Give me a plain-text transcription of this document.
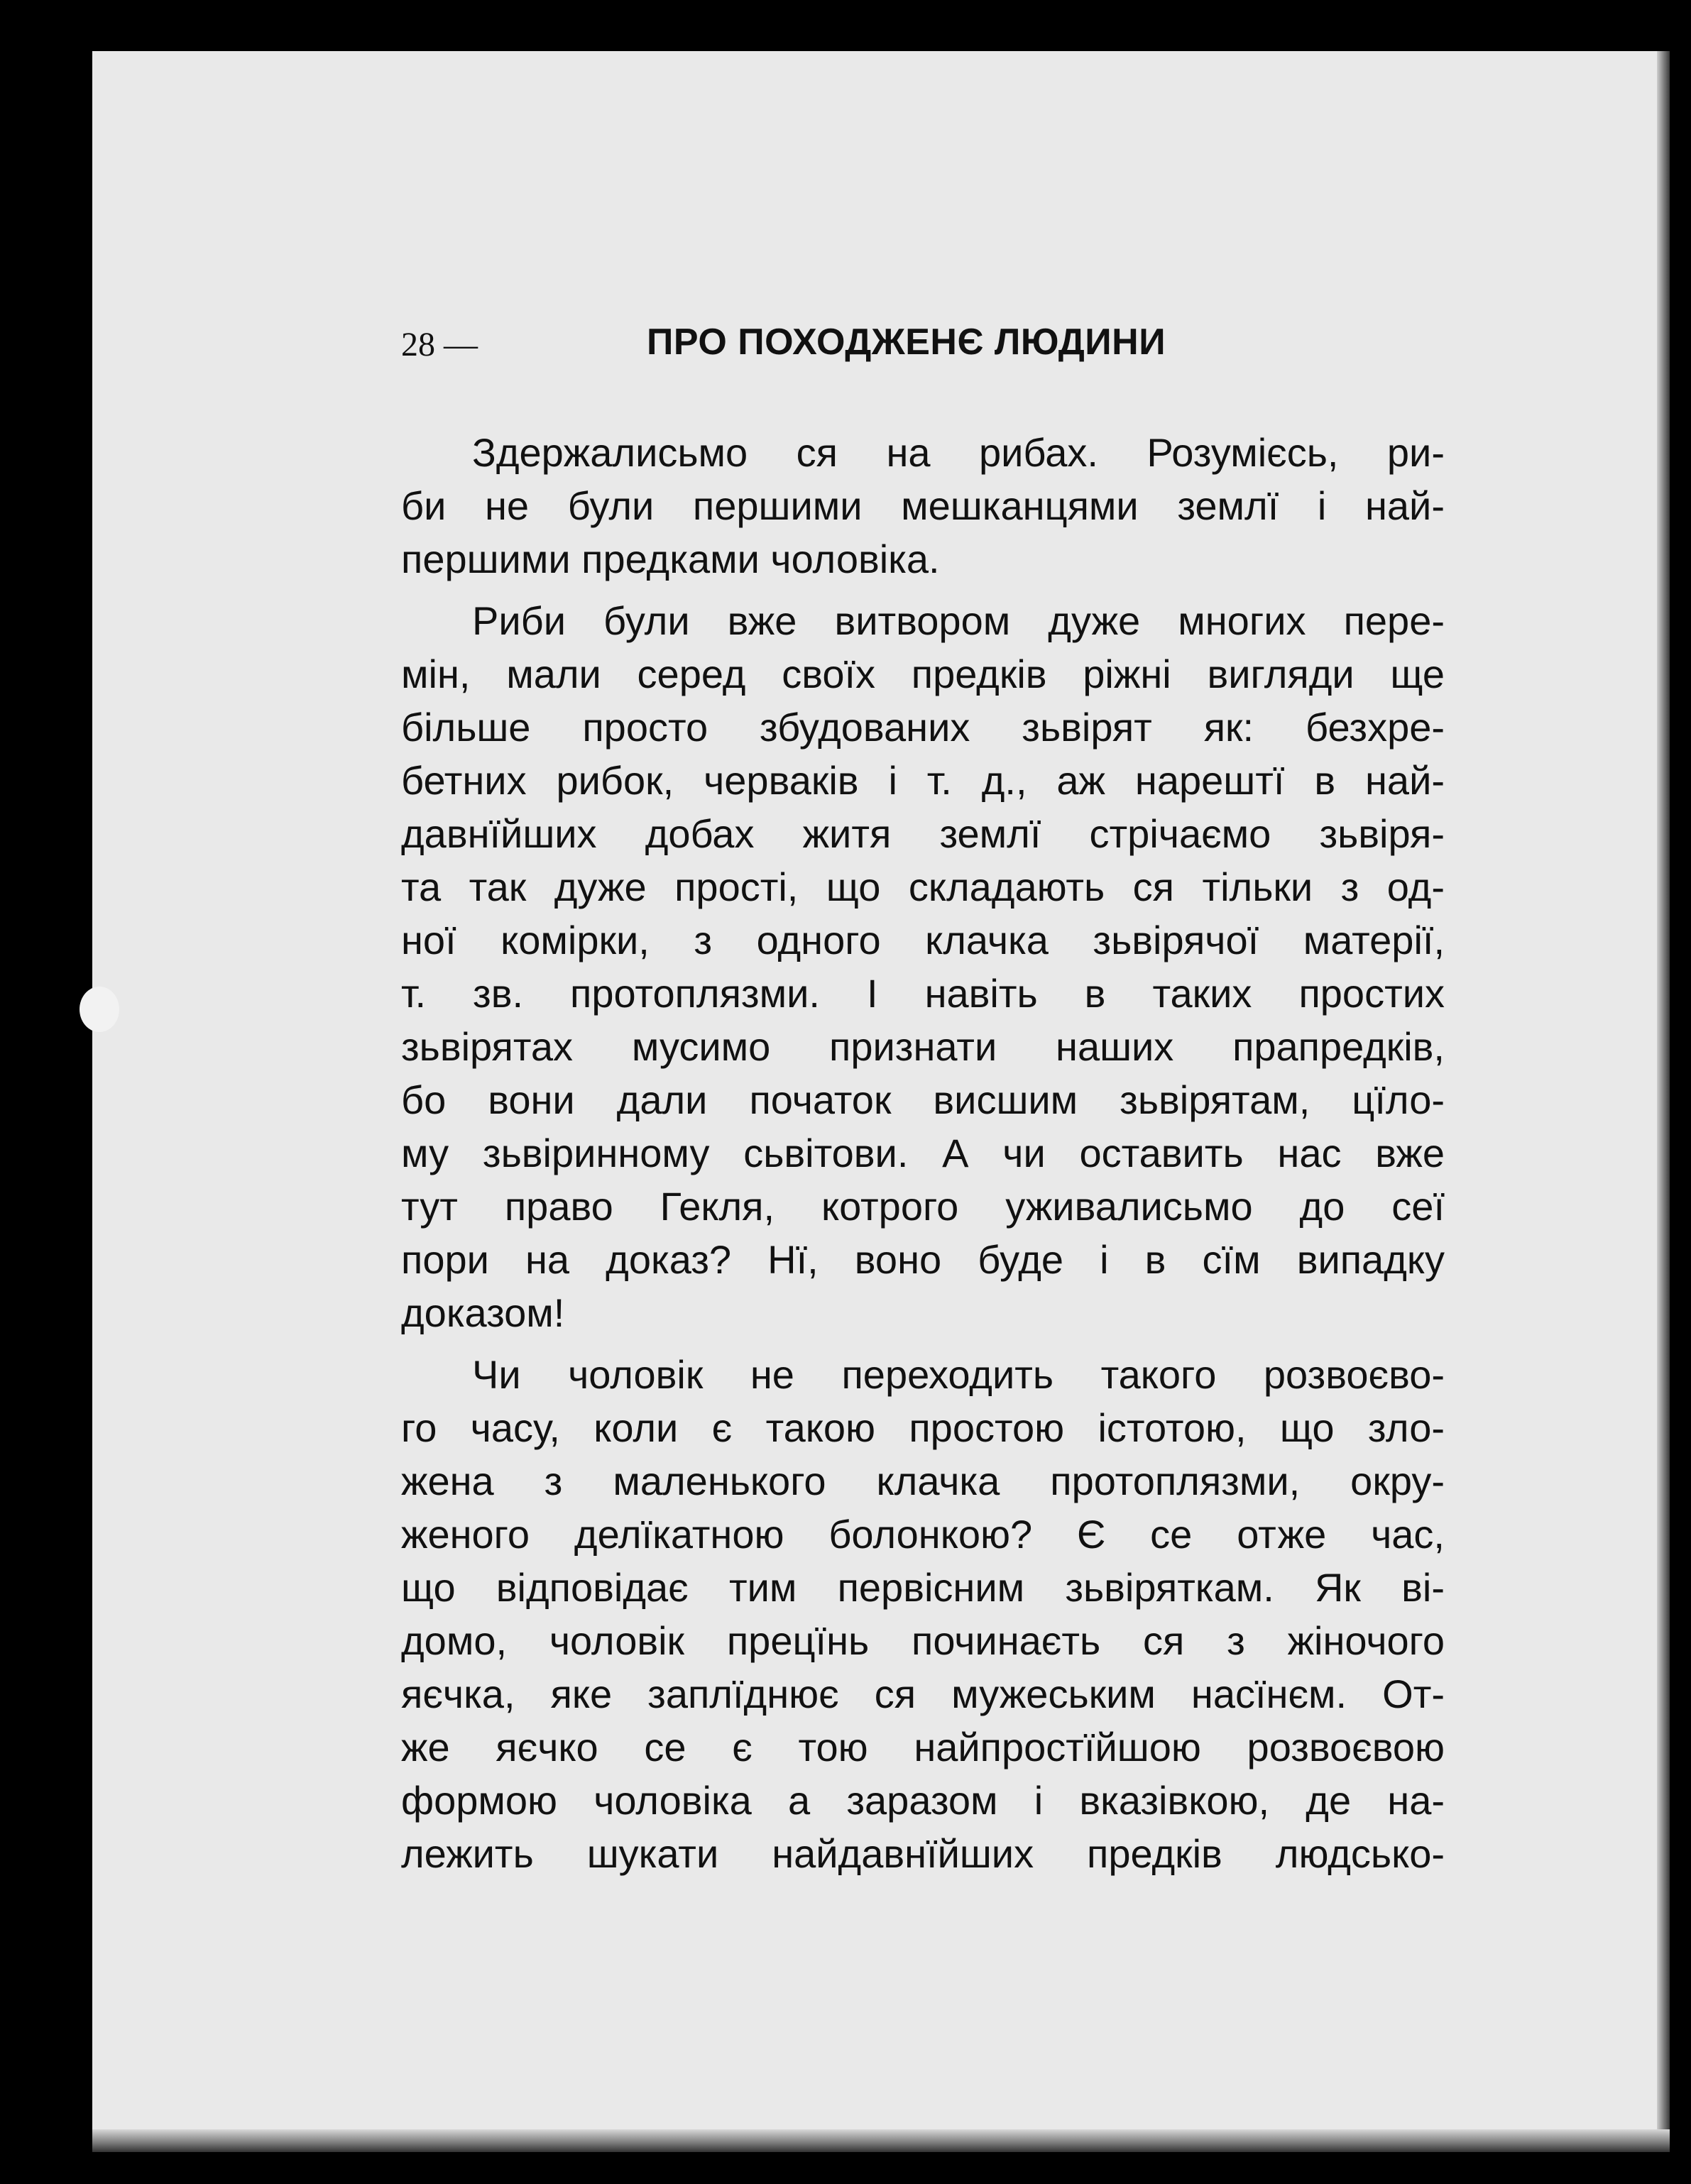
28 —	ПРО ПОХОДЖЕНЄ ЛЮДИНИ
Здержалисьмо ся на рибах. Розумієсь, ри-
би не були першими мешканцями землї і най-
першими предками чоловіка.
Риби були вже витвором дуже многих пере-
мін, мали серед своїх предків ріжні вигляди ще
більше просто збудованих зьвірят як: безхре-
бетних рибок, черваків і т. д., аж нарештї в най-
давнїйших добах житя землї стрічаємо зьвіря-
та так дуже прості, що складають ся тільки з од-
ної комірки, з одного клачка зьвірячої матерії,
т. зв. протоплязми. І навіть в таких простих
зьвірятах мусимо признати наших прапредків,
бо вони дали початок висшим зьвірятам, цїло-
му зьвіринному сьвітови. А чи оставить нас вже
тут право Гекля, котрого уживалисьмо до сеї
пори на доказ? Нї, воно буде і в сїм випадку
доказом!
Чи чоловік не переходить такого розвоєво-
го часу, коли є такою простою істотою, що зло-
жена з маленького клачка протоплязми, окру-
женого делїкатною болонкою? Є се отже час,
що відповідає тим первісним зьвіряткам. Як ві-
домо, чоловік прецїнь починаєть ся з жіночого
яєчка, яке заплїднює ся мужеським насїнєм. От-
же яєчко се є тою найпростїйшою розвоєвою
формою чоловіка а заразом і вказівкою, де на-
лежить шукати найдавнїйших предків людсько-
